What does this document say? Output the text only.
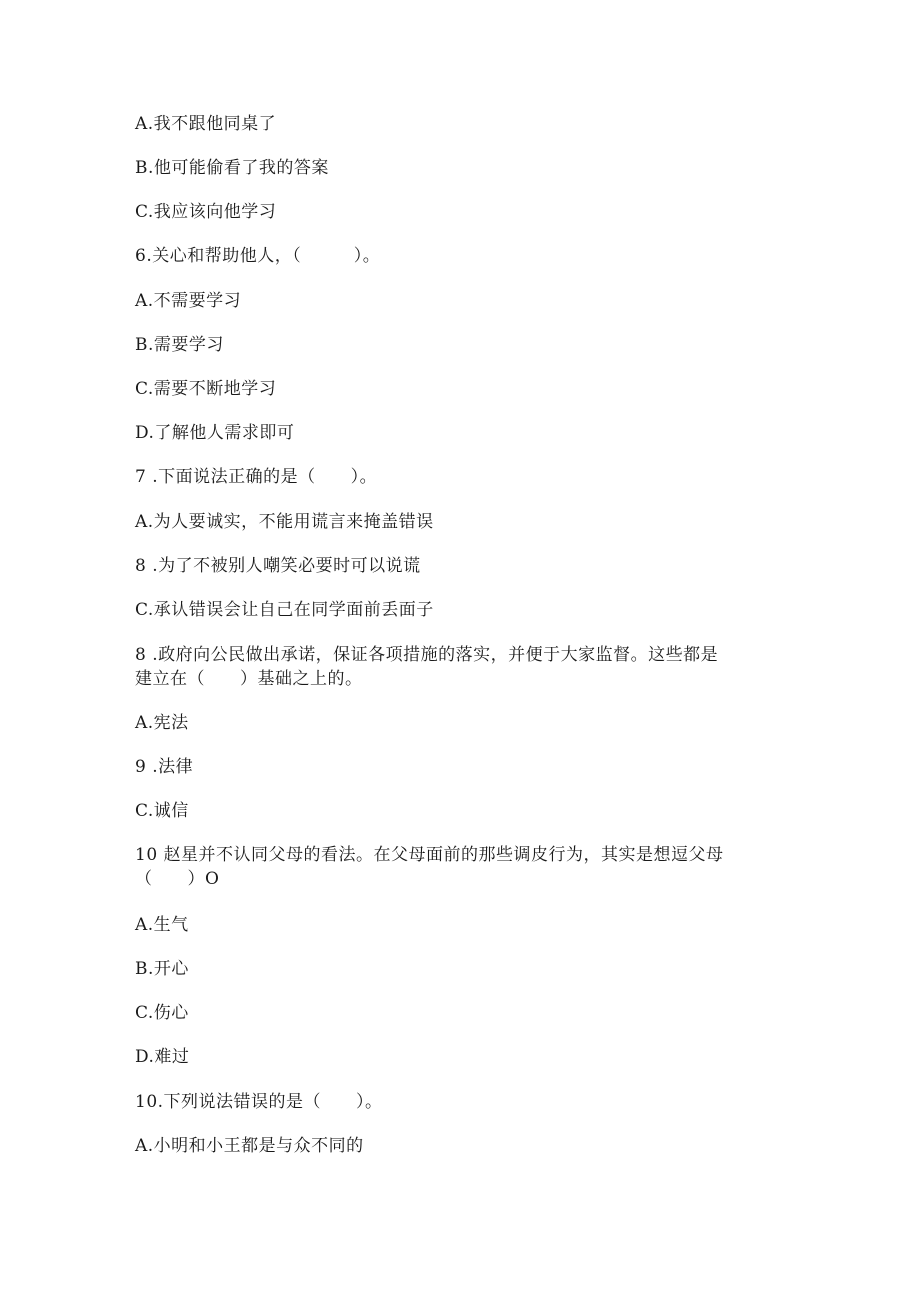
A.我不跟他同桌了
B.他可能偷看了我的答案
C.我应该向他学习
6.关心和帮助他人，（　　　）。
A.不需要学习
B.需要学习
C.需要不断地学习
D.了解他人需求即可
7 .下面说法正确的是（　　）。
A.为人要诚实，不能用谎言来掩盖错误
8 .为了不被别人嘲笑必要时可以说谎
C.承认错误会让自己在同学面前丢面子
8 .政府向公民做出承诺，保证各项措施的落实，并便于大家监督。这些都是
建立在（　　）基础之上的。
A.宪法
9 .法律
C.诚信
10 赵星并不认同父母的看法。在父母面前的那些调皮行为，其实是想逗父母
（　　）O
A.生气
B.开心
C.伤心
D.难过
10.下列说法错误的是（　　）。
A.小明和小王都是与众不同的
